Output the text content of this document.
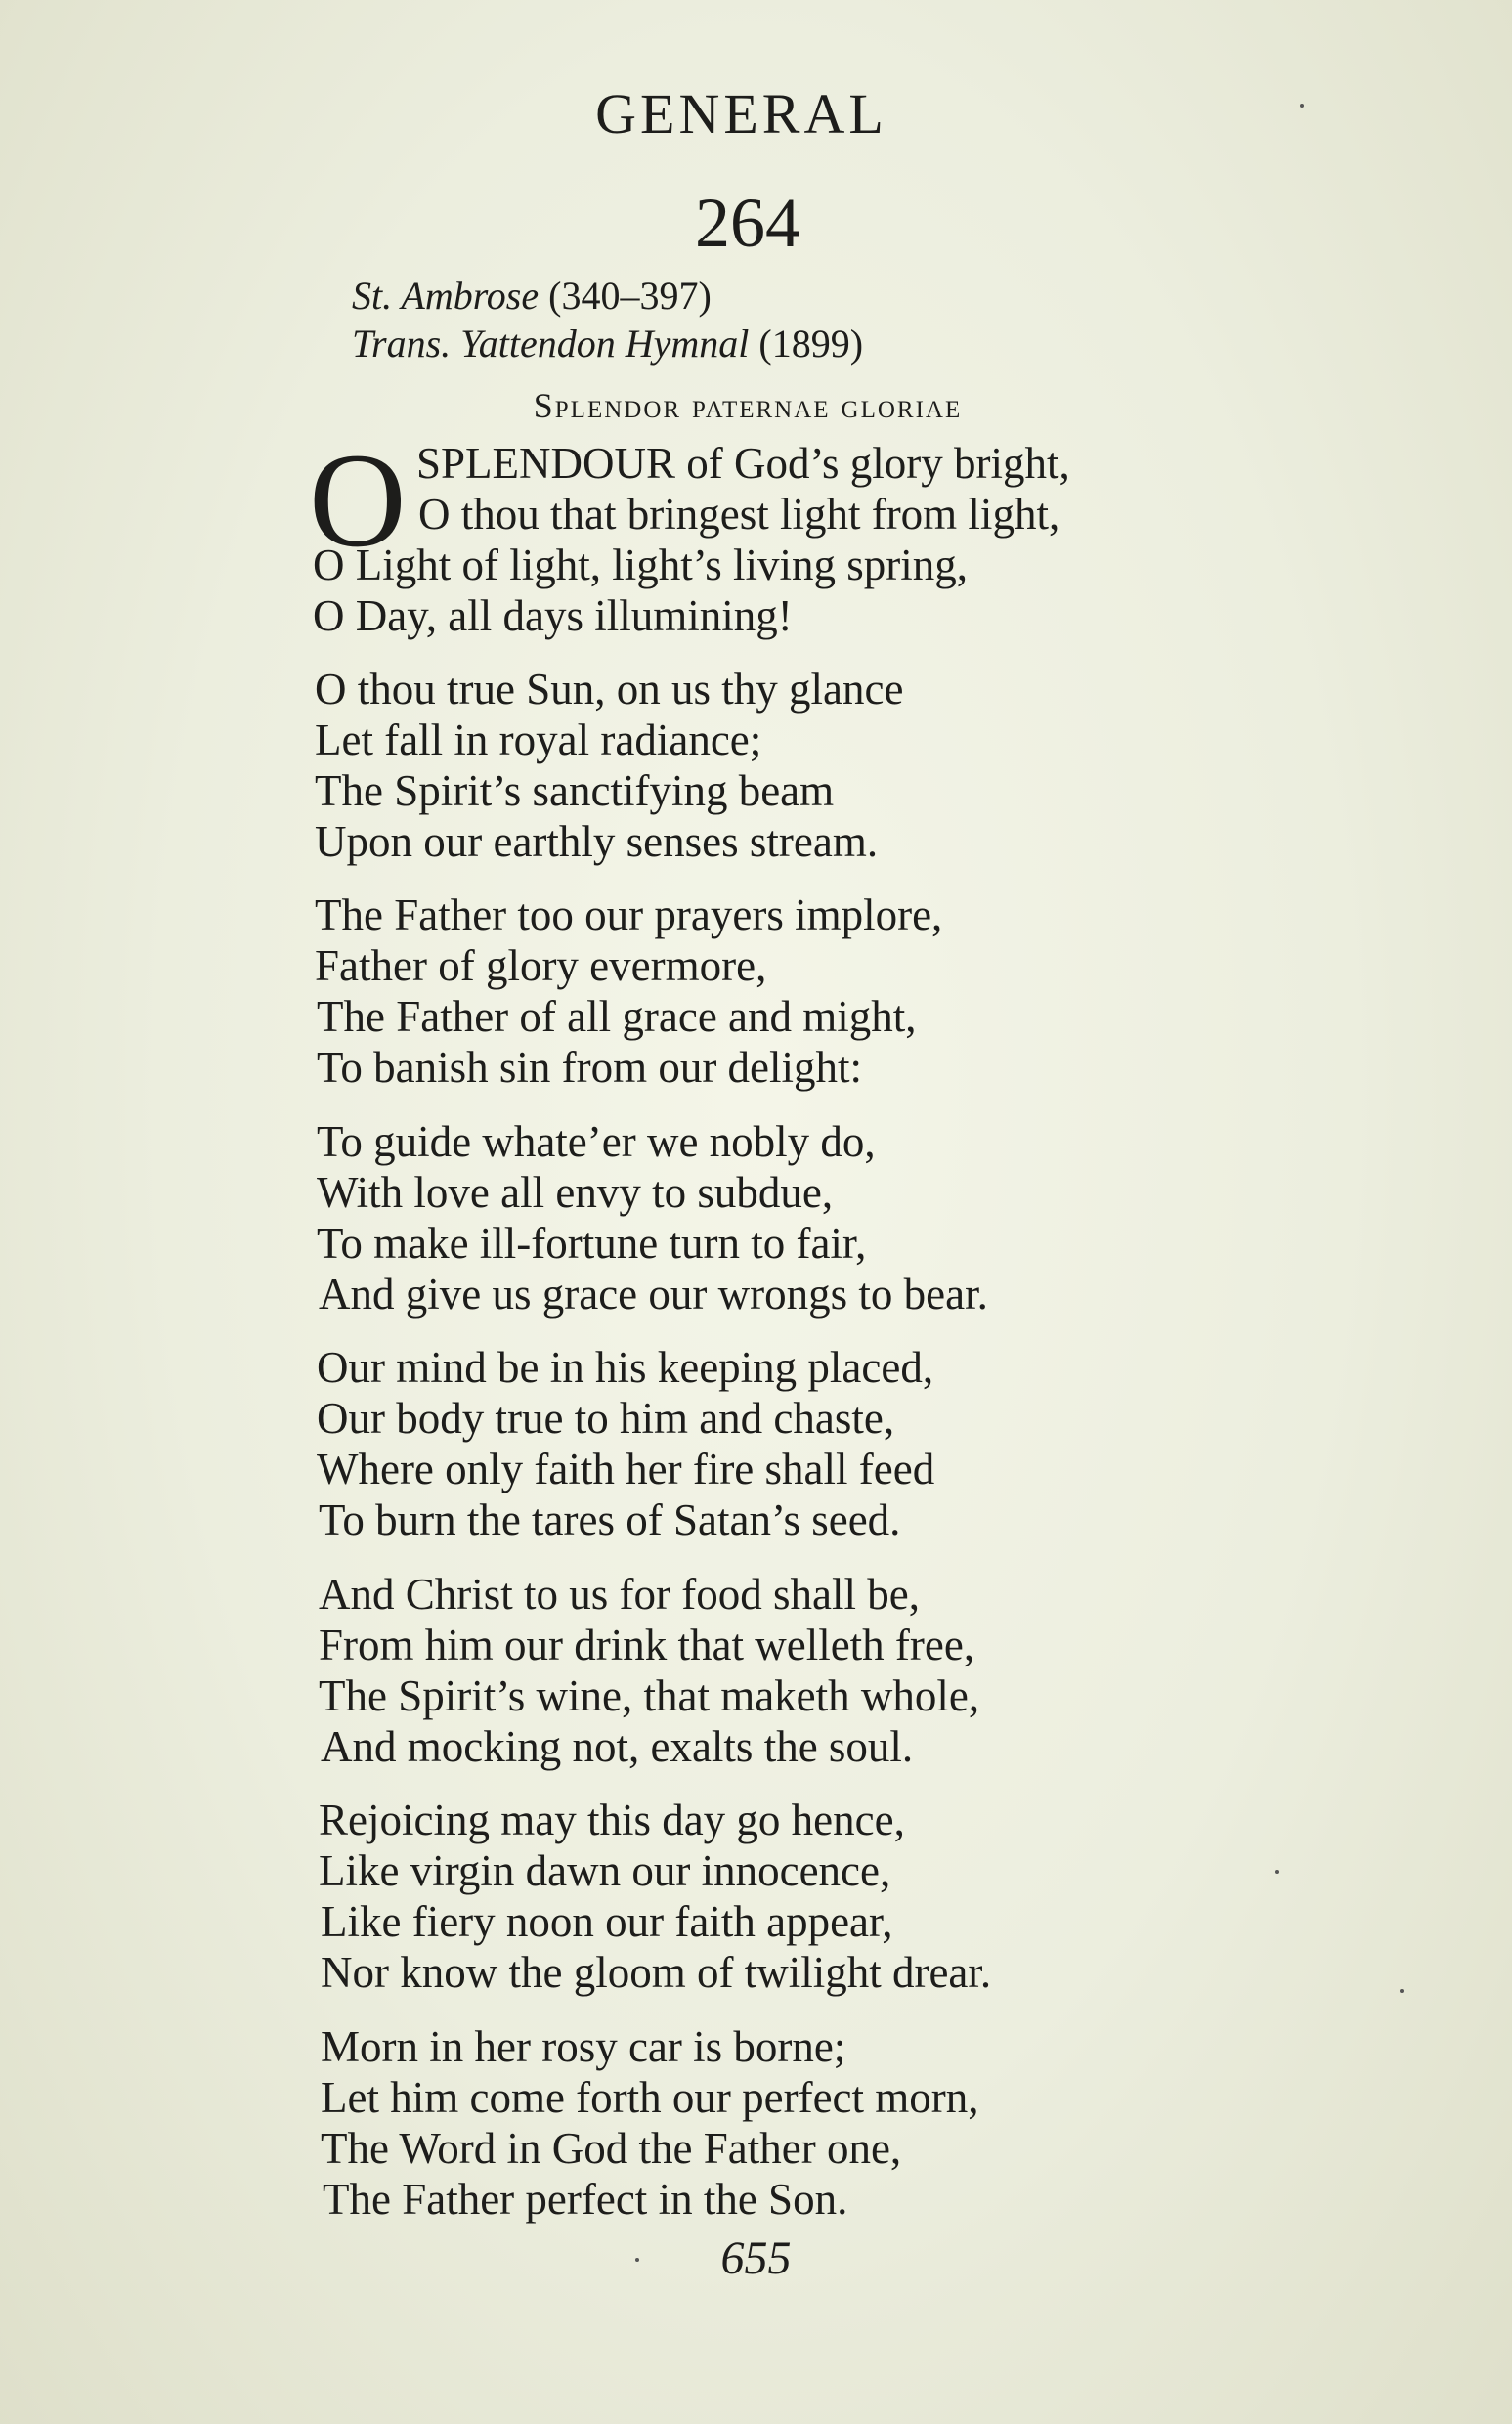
GENERAL
264
St. Ambrose (340–397)
Trans. Yattendon Hymnal (1899)
Splendor paternae gloriae
O SPLENDOUR of God’s glory bright,
O thou that bringest light from light,
O Light of light, light’s living spring,
O Day, all days illumining!
O thou true Sun, on us thy glance
Let fall in royal radiance;
The Spirit’s sanctifying beam
Upon our earthly senses stream.
The Father too our prayers implore,
Father of glory evermore,
The Father of all grace and might,
To banish sin from our delight:
To guide whate’er we nobly do,
With love all envy to subdue,
To make ill-fortune turn to fair,
And give us grace our wrongs to bear.
Our mind be in his keeping placed,
Our body true to him and chaste,
Where only faith her fire shall feed
To burn the tares of Satan’s seed.
And Christ to us for food shall be,
From him our drink that welleth free,
The Spirit’s wine, that maketh whole,
And mocking not, exalts the soul.
Rejoicing may this day go hence,
Like virgin dawn our innocence,
Like fiery noon our faith appear,
Nor know the gloom of twilight drear.
Morn in her rosy car is borne;
Let him come forth our perfect morn,
The Word in God the Father one,
The Father perfect in the Son.
655
